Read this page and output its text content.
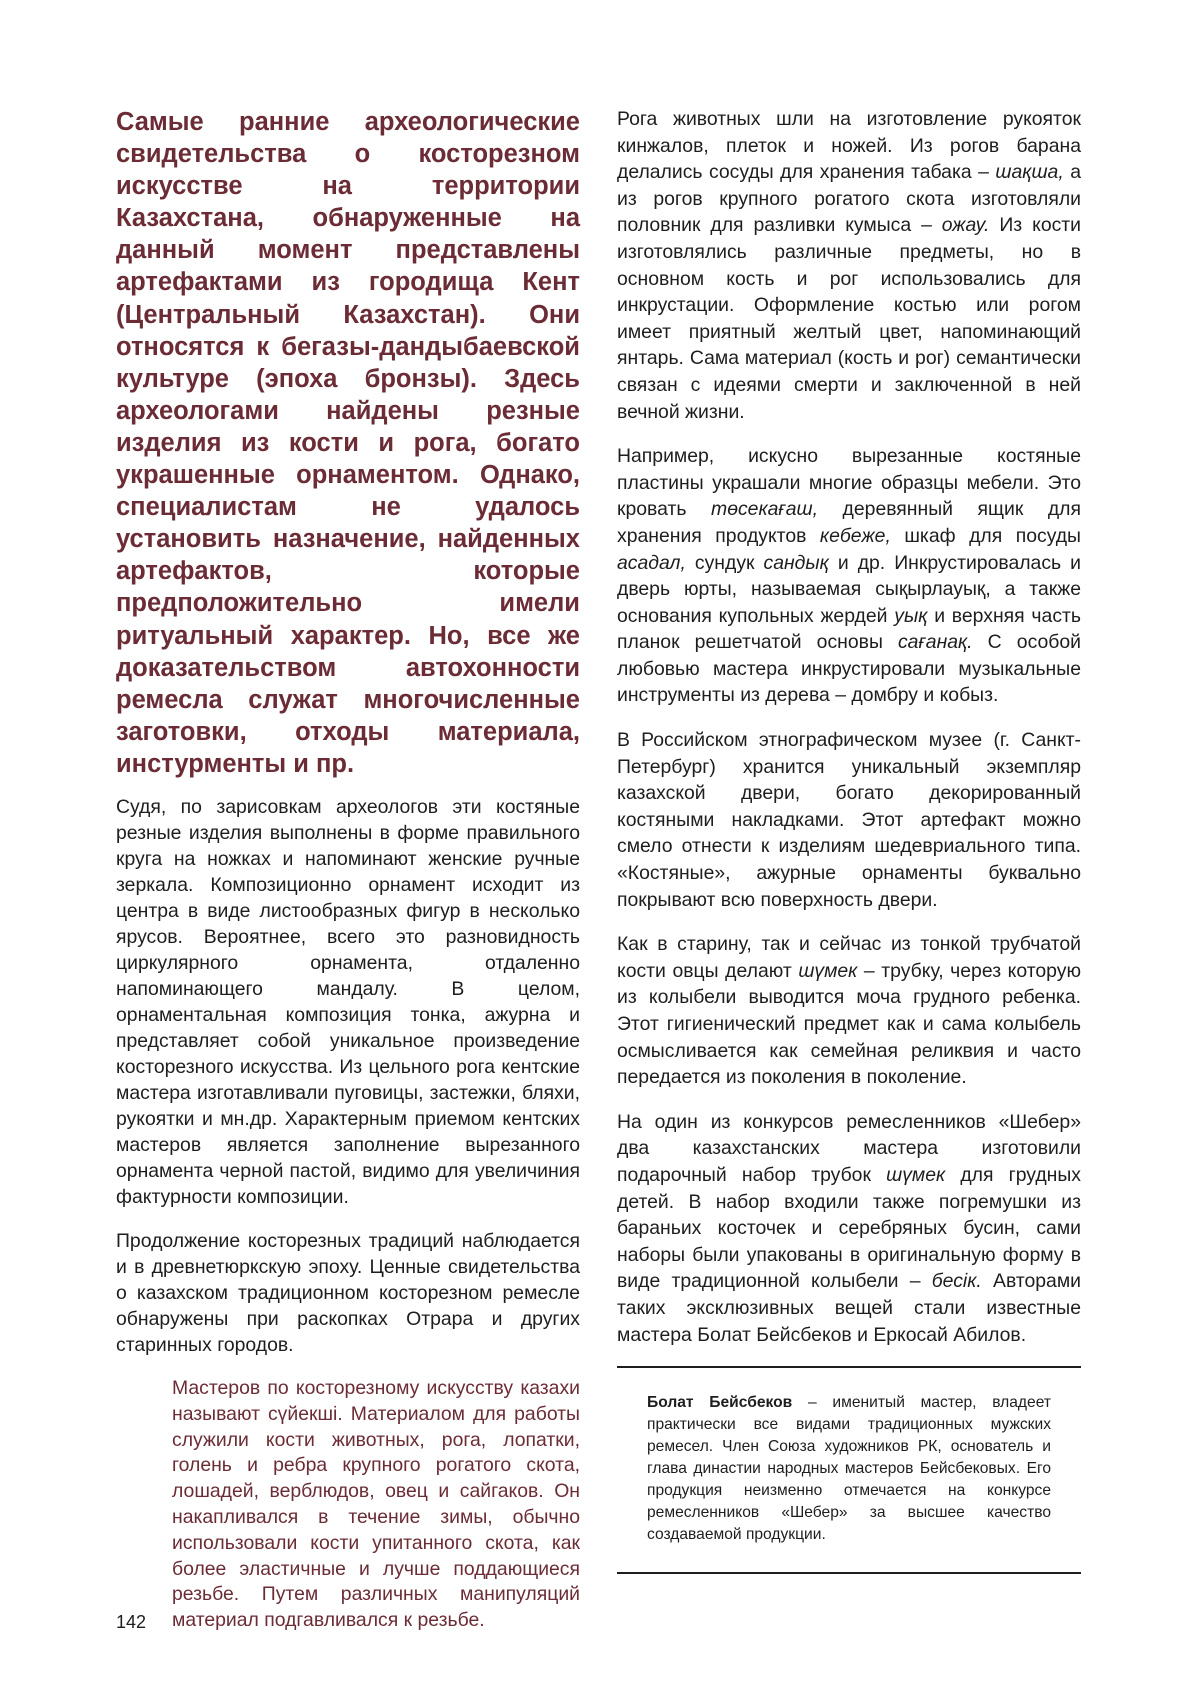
Самые ранние археологические свидетельства о косторезном искусстве на территории Казахстана, обнаруженные на данный момент представлены артефактами из городища Кент (Центральный Казахстан). Они относятся к бегазы-дандыбаевской культуре (эпоха бронзы). Здесь археологами найдены резные изделия из кости и рога, богато украшенные орнаментом. Однако, специалистам не удалось установить назначение, найденных артефактов, которые предположительно имели ритуальный характер. Но, все же доказательством автохонности ремесла служат многочисленные заготовки, отходы материала, инстурменты и пр.

Судя, по зарисовкам археологов эти костяные резные изделия выполнены в форме правильного круга на ножках и напоминают женские ручные зеркала. Композиционно орнамент исходит из центра в виде листообразных фигур в несколько ярусов. Вероятнее, всего это разновидность циркулярного орнамента, отдаленно напоминающего мандалу. В целом, орнаментальная композиция тонка, ажурна и представляет собой уникальное произведение косторезного искусства. Из цельного рога кентские мастера изготавливали пуговицы, застежки, бляхи, рукоятки и мн.др. Характерным приемом кентских мастеров является заполнение вырезанного орнамента черной пастой, видимо для увеличиния фактурности композиции.

Продолжение косторезных традиций наблюдается и в древнетюркскую эпоху. Ценные свидетельства о казахском традиционном косторезном ремесле обнаружены при раскопках Отрара и других старинных городов.

Мастеров по косторезному искусству казахи называют сүйекші. Материалом для работы служили кости животных, рога, лопатки, голень и ребра крупного рогатого скота, лошадей, верблюдов, овец и сайгаков. Он накапливался в течение зимы, обычно использовали кости упитанного скота, как более эластичные и лучше поддающиеся резьбе. Путем различных манипуляций материал подгавливался к резьбе.

Рога животных шли на изготовление рукояток кинжалов, плеток и ножей. Из рогов барана делались сосуды для хранения табака – шақша, а из рогов крупного рогатого скота изготовляли половник для разливки кумыса – ожау. Из кости изготовлялись различные предметы, но в основном кость и рог использовались для инкрустации. Оформление костью или рогом имеет приятный желтый цвет, напоминающий янтарь. Сама материал (кость и рог) семантически связан с идеями смерти и заключенной в ней вечной жизни.

Например, искусно вырезанные костяные пластины украшали многие образцы мебели. Это кровать төсекағаш, деревянный ящик для хранения продуктов кебеже, шкаф для посуды асадал, сундук сандық и др. Инкрустировалась и дверь юрты, называемая сықырлауық, а также основания купольных жердей уық и верхняя часть планок решетчатой основы сағанақ. С особой любовью мастера инкрустировали музыкальные инструменты из дерева – домбру и кобыз.

В Российском этнографическом музее (г. Санкт-Петербург) хранится уникальный экземпляр казахской двери, богато декорированный костяными накладками. Этот артефакт можно смело отнести к изделиям шедевриального типа. «Костяные», ажурные орнаменты буквально покрывают всю поверхность двери.

Как в старину, так и сейчас из тонкой трубчатой кости овцы делают шүмек – трубку, через которую из колыбели выводится моча грудного ребенка. Этот гигиенический предмет как и сама колыбель осмысливается как семейная реликвия и часто передается из поколения в поколение.

На один из конкурсов ремесленников «Шебер» два казахстанских мастера изготовили подарочный набор трубок шүмек для грудных детей. В набор входили также погремушки из бараньих косточек и серебряных бусин, сами наборы были упакованы в оригинальную форму в виде традиционной колыбели – бесік. Авторами таких эксклюзивных вещей стали известные мастера Болат Бейсбеков и Еркосай Абилов.

Болат Бейсбеков – именитый мастер, владеет практически все видами традиционных мужских ремесел. Член Союза художников РК, основатель и глава династии народных мастеров Бейсбековых. Его продукция неизменно отмечается на конкурсе ремесленников «Шебер» за высшее качество создаваемой продукции.

142
